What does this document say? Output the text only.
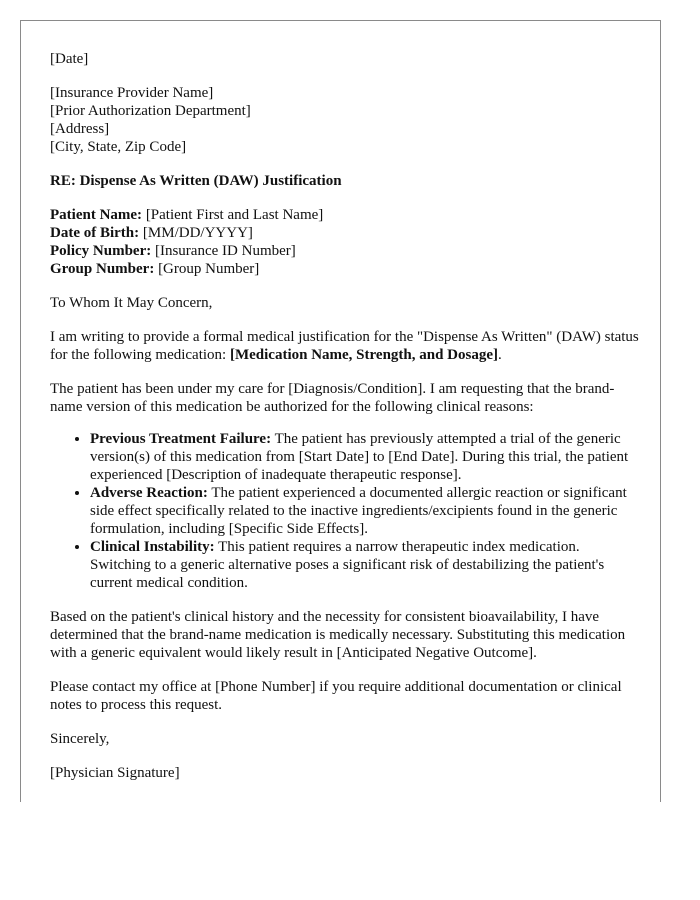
[Date]

[Insurance Provider Name]
[Prior Authorization Department]
[Address]
[City, State, Zip Code]

RE: Dispense As Written (DAW) Justification

Patient Name: [Patient First and Last Name]
Date of Birth: [MM/DD/YYYY]
Policy Number: [Insurance ID Number]
Group Number: [Group Number]

To Whom It May Concern,

I am writing to provide a formal medical justification for the "Dispense As Written" (DAW) status for the following medication: [Medication Name, Strength, and Dosage].

The patient has been under my care for [Diagnosis/Condition]. I am requesting that the brand-name version of this medication be authorized for the following clinical reasons:

• Previous Treatment Failure: The patient has previously attempted a trial of the generic version(s) of this medication from [Start Date] to [End Date]. During this trial, the patient experienced [Description of inadequate therapeutic response].
• Adverse Reaction: The patient experienced a documented allergic reaction or significant side effect specifically related to the inactive ingredients/excipients found in the generic formulation, including [Specific Side Effects].
• Clinical Instability: This patient requires a narrow therapeutic index medication. Switching to a generic alternative poses a significant risk of destabilizing the patient's current medical condition.

Based on the patient's clinical history and the necessity for consistent bioavailability, I have determined that the brand-name medication is medically necessary. Substituting this medication with a generic equivalent would likely result in [Anticipated Negative Outcome].

Please contact my office at [Phone Number] if you require additional documentation or clinical notes to process this request.

Sincerely,

[Physician Signature]
